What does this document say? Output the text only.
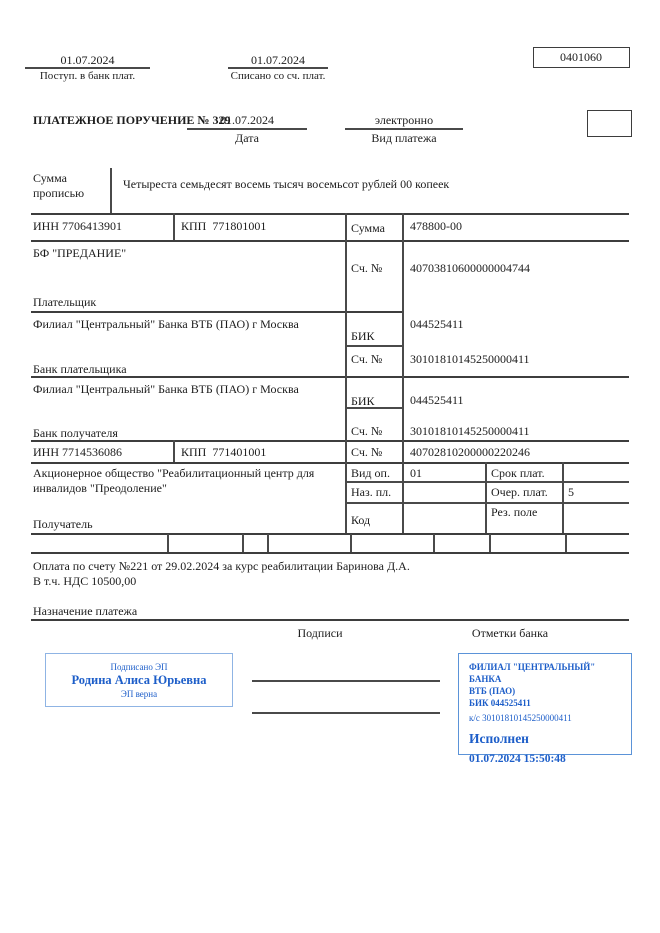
01.07.2024
Поступ. в банк плат.
01.07.2024
Списано со сч. плат.
0401060
ПЛАТЕЖНОЕ ПОРУЧЕНИЕ № 329
01.07.2024
Дата
электронно
Вид платежа
Сумма прописью
Четыреста семьдесят восемь тысяч восемьсот рублей 00 копеек
ИНН 7706413901	КПП  771801001	Сумма 478800-00
БФ "ПРЕДАНИЕ"
Сч. № 40703810600000004744
Плательщик
Филиал "Центральный" Банка ВТБ (ПАО) г Москва
БИК
044525411
Сч. № 30101810145250000411
Банк плательщика
Филиал "Центральный" Банка ВТБ (ПАО) г Москва
БИК	044525411
Сч. № 30101810145250000411
Банк получателя
ИНН 7714536086	КПП  771401001	Сч. № 40702810200000220246
Акционерное общество "Реабилитационный центр для инвалидов "Преодоление"
Получатель
Вид оп. 01	Срок плат.
Наз. пл.	Очер. плат. 5
Код
Рез. поле
Оплата по счету №221 от 29.02.2024 за курс реабилитации Баринова Д.А.
В т.ч. НДС 10500,00
Назначение платежа
Подписи	Отметки банка
Подписано ЭП
Родина Алиса Юрьевна
ЭП верна
ФИЛИАЛ "ЦЕНТРАЛЬНЫЙ" БАНКА
ВТБ (ПАО)
БИК 044525411
к/с 30101810145250000411
Исполнен
01.07.2024 15:50:48
